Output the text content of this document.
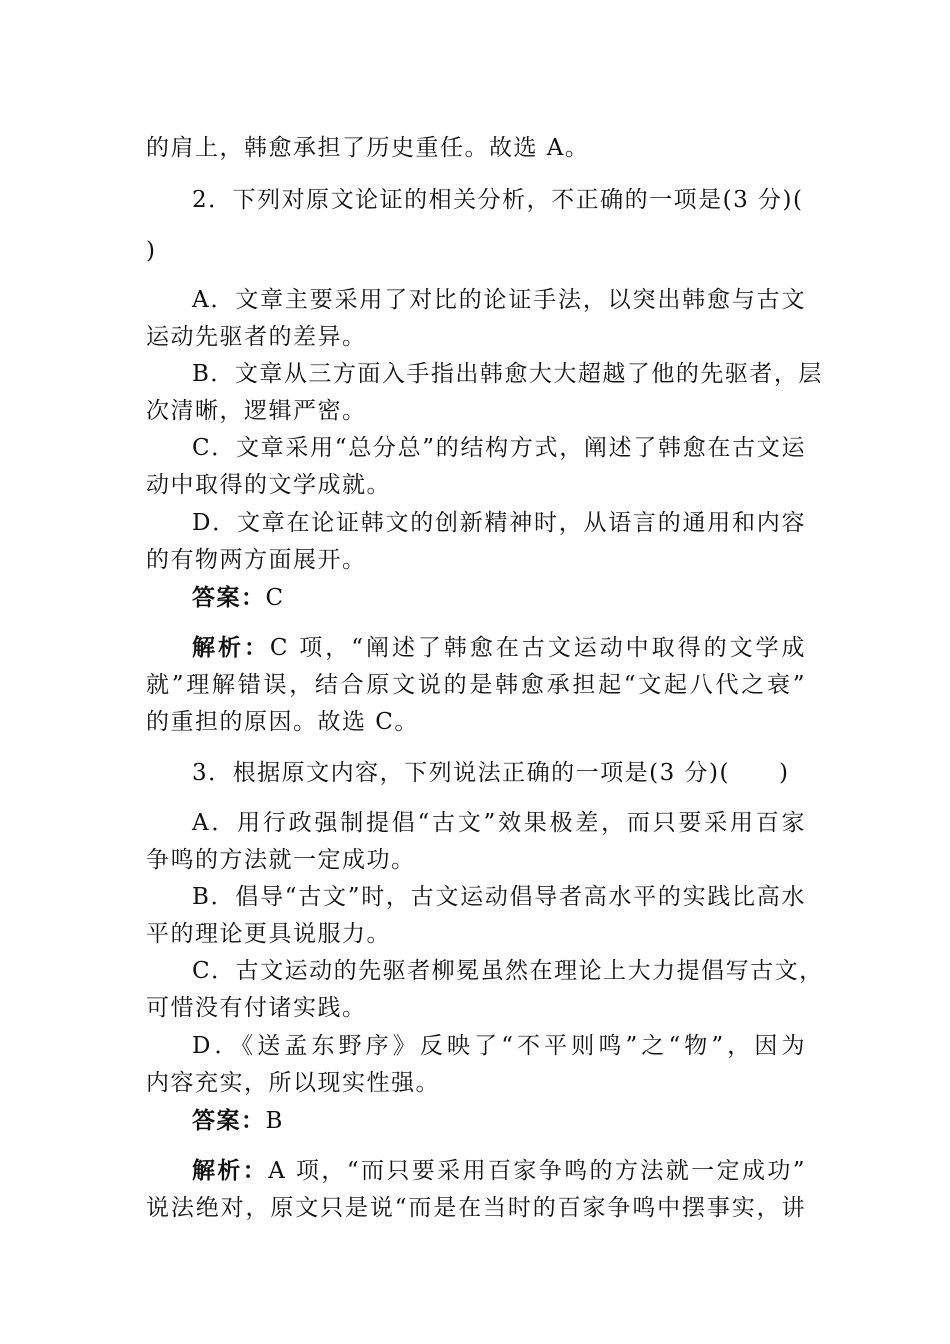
的肩上，韩愈承担了历史重任。故选 A。
2．下列对原文论证的相关分析，不正确的一项是(3 分)(
)
A．文章主要采用了对比的论证手法，以突出韩愈与古文
运动先驱者的差异。
B．文章从三方面入手指出韩愈大大超越了他的先驱者，层
次清晰，逻辑严密。
C．文章采用“总分总”的结构方式，阐述了韩愈在古文运
动中取得的文学成就。
D．文章在论证韩文的创新精神时，从语言的通用和内容
的有物两方面展开。
答案：C
解析：C 项，“阐述了韩愈在古文运动中取得的文学成
就”理解错误，结合原文说的是韩愈承担起“文起八代之衰”
的重担的原因。故选 C。
3．根据原文内容，下列说法正确的一项是(3 分)(　　)
A．用行政强制提倡“古文”效果极差，而只要采用百家
争鸣的方法就一定成功。
B．倡导“古文”时，古文运动倡导者高水平的实践比高水
平的理论更具说服力。
C．古文运动的先驱者柳冕虽然在理论上大力提倡写古文，
可惜没有付诸实践。
D．《送孟东野序》反映了“不平则鸣”之“物”，因为
内容充实，所以现实性强。
答案：B
解析：A 项，“而只要采用百家争鸣的方法就一定成功”
说法绝对，原文只是说“而是在当时的百家争鸣中摆事实，讲
